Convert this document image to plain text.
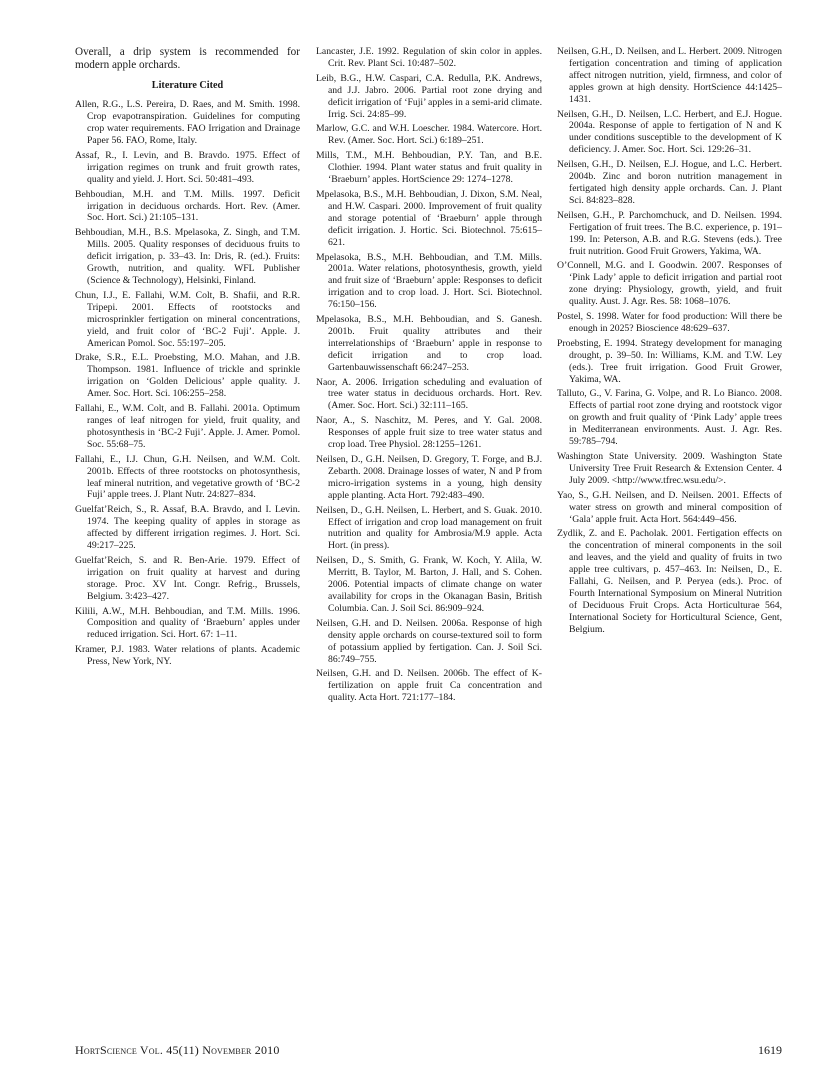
Overall, a drip system is recommended for modern apple orchards.

Literature Cited

Allen, R.G., L.S. Pereira, D. Raes, and M. Smith. 1998. Crop evapotranspiration. Guidelines for computing crop water requirements. FAO Irrigation and Drainage Paper 56. FAO, Rome, Italy.

Assaf, R., I. Levin, and B. Bravdo. 1975. Effect of irrigation regimes on trunk and fruit growth rates, quality and yield. J. Hort. Sci. 50:481–493.

Behboudian, M.H. and T.M. Mills. 1997. Deficit irrigation in deciduous orchards. Hort. Rev. (Amer. Soc. Hort. Sci.) 21:105–131.

Behboudian, M.H., B.S. Mpelasoka, Z. Singh, and T.M. Mills. 2005. Quality responses of deciduous fruits to deficit irrigation, p. 33–43. In: Dris, R. (ed.). Fruits: Growth, nutrition, and quality. WFL Publisher (Science & Technology), Helsinki, Finland.

Chun, I.J., E. Fallahi, W.M. Colt, B. Shafii, and R.R. Tripepi. 2001. Effects of rootstocks and microsprinkler fertigation on mineral concentrations, yield, and fruit color of ‘BC-2 Fuji’. Apple. J. American Pomol. Soc. 55:197–205.

Drake, S.R., E.L. Proebsting, M.O. Mahan, and J.B. Thompson. 1981. Influence of trickle and sprinkle irrigation on ‘Golden Delicious’ apple quality. J. Amer. Soc. Hort. Sci. 106:255–258.

Fallahi, E., W.M. Colt, and B. Fallahi. 2001a. Optimum ranges of leaf nitrogen for yield, fruit quality, and photosynthesis in ‘BC-2 Fuji’. Apple. J. Amer. Pomol. Soc. 55:68–75.

Fallahi, E., I.J. Chun, G.H. Neilsen, and W.M. Colt. 2001b. Effects of three rootstocks on photosynthesis, leaf mineral nutrition, and vegetative growth of ‘BC-2 Fuji’ apple trees. J. Plant Nutr. 24:827–834.

Guelfat’Reich, S., R. Assaf, B.A. Bravdo, and I. Levin. 1974. The keeping quality of apples in storage as affected by different irrigation regimes. J. Hort. Sci. 49:217–225.

Guelfat’Reich, S. and R. Ben-Arie. 1979. Effect of irrigation on fruit quality at harvest and during storage. Proc. XV Int. Congr. Refrig., Brussels, Belgium. 3:423–427.

Kilili, A.W., M.H. Behboudian, and T.M. Mills. 1996. Composition and quality of ‘Braeburn’ apples under reduced irrigation. Sci. Hort. 67: 1–11.

Kramer, P.J. 1983. Water relations of plants. Academic Press, New York, NY.

Lancaster, J.E. 1992. Regulation of skin color in apples. Crit. Rev. Plant Sci. 10:487–502.

Leib, B.G., H.W. Caspari, C.A. Redulla, P.K. Andrews, and J.J. Jabro. 2006. Partial root zone drying and deficit irrigation of ‘Fuji’ apples in a semi-arid climate. Irrig. Sci. 24:85–99.

Marlow, G.C. and W.H. Loescher. 1984. Watercore. Hort. Rev. (Amer. Soc. Hort. Sci.) 6:189–251.

Mills, T.M., M.H. Behboudian, P.Y. Tan, and B.E. Clothier. 1994. Plant water status and fruit quality in ‘Braeburn’ apples. HortScience 29: 1274–1278.

Mpelasoka, B.S., M.H. Behboudian, J. Dixon, S.M. Neal, and H.W. Caspari. 2000. Improvement of fruit quality and storage potential of ‘Braeburn’ apple through deficit irrigation. J. Hortic. Sci. Biotechnol. 75:615–621.

Mpelasoka, B.S., M.H. Behboudian, and T.M. Mills. 2001a. Water relations, photosynthesis, growth, yield and fruit size of ‘Braeburn’ apple: Responses to deficit irrigation and to crop load. J. Hort. Sci. Biotechnol. 76:150–156.

Mpelasoka, B.S., M.H. Behboudian, and S. Ganesh. 2001b. Fruit quality attributes and their interrelationships of ‘Braeburn’ apple in response to deficit irrigation and to crop load. Gartenbauwissenschaft 66:247–253.

Naor, A. 2006. Irrigation scheduling and evaluation of tree water status in deciduous orchards. Hort. Rev. (Amer. Soc. Hort. Sci.) 32:111–165.

Naor, A., S. Naschitz, M. Peres, and Y. Gal. 2008. Responses of apple fruit size to tree water status and crop load. Tree Physiol. 28:1255–1261.

Neilsen, D., G.H. Neilsen, D. Gregory, T. Forge, and B.J. Zebarth. 2008. Drainage losses of water, N and P from micro-irrigation systems in a young, high density apple planting. Acta Hort. 792:483–490.

Neilsen, D., G.H. Neilsen, L. Herbert, and S. Guak. 2010. Effect of irrigation and crop load management on fruit nutrition and quality for Ambrosia/M.9 apple. Acta Hort. (in press).

Neilsen, D., S. Smith, G. Frank, W. Koch, Y. Alila, W. Merritt, B. Taylor, M. Barton, J. Hall, and S. Cohen. 2006. Potential impacts of climate change on water availability for crops in the Okanagan Basin, British Columbia. Can. J. Soil Sci. 86:909–924.

Neilsen, G.H. and D. Neilsen. 2006a. Response of high density apple orchards on course-textured soil to form of potassium applied by fertigation. Can. J. Soil Sci. 86:749–755.

Neilsen, G.H. and D. Neilsen. 2006b. The effect of K-fertilization on apple fruit Ca concentration and quality. Acta Hort. 721:177–184.

Neilsen, G.H., D. Neilsen, and L. Herbert. 2009. Nitrogen fertigation concentration and timing of application affect nitrogen nutrition, yield, firmness, and color of apples grown at high density. HortScience 44:1425–1431.

Neilsen, G.H., D. Neilsen, L.C. Herbert, and E.J. Hogue. 2004a. Response of apple to fertigation of N and K under conditions susceptible to the development of K deficiency. J. Amer. Soc. Hort. Sci. 129:26–31.

Neilsen, G.H., D. Neilsen, E.J. Hogue, and L.C. Herbert. 2004b. Zinc and boron nutrition management in fertigated high density apple orchards. Can. J. Plant Sci. 84:823–828.

Neilsen, G.H., P. Parchomchuck, and D. Neilsen. 1994. Fertigation of fruit trees. The B.C. experience, p. 191–199. In: Peterson, A.B. and R.G. Stevens (eds.). Tree fruit nutrition. Good Fruit Growers, Yakima, WA.

O’Connell, M.G. and I. Goodwin. 2007. Responses of ‘Pink Lady’ apple to deficit irrigation and partial root zone drying: Physiology, growth, yield, and fruit quality. Aust. J. Agr. Res. 58: 1068–1076.

Postel, S. 1998. Water for food production: Will there be enough in 2025? Bioscience 48:629–637.

Proebsting, E. 1994. Strategy development for managing drought, p. 39–50. In: Williams, K.M. and T.W. Ley (eds.). Tree fruit irrigation. Good Fruit Grower, Yakima, WA.

Talluto, G., V. Farina, G. Volpe, and R. Lo Bianco. 2008. Effects of partial root zone drying and rootstock vigor on growth and fruit quality of ‘Pink Lady’ apple trees in Mediterranean environments. Aust. J. Agr. Res. 59:785–794.

Washington State University. 2009. Washington State University Tree Fruit Research & Extension Center. 4 July 2009. <http://www.tfrec.wsu.edu/>.

Yao, S., G.H. Neilsen, and D. Neilsen. 2001. Effects of water stress on growth and mineral composition of ‘Gala’ apple fruit. Acta Hort. 564:449–456.

Zydlik, Z. and E. Pacholak. 2001. Fertigation effects on the concentration of mineral components in the soil and leaves, and the yield and quality of fruits in two apple tree cultivars, p. 457–463. In: Neilsen, D., E. Fallahi, G. Neilsen, and P. Peryea (eds.). Proc. of Fourth International Symposium on Mineral Nutrition of Deciduous Fruit Crops. Acta Horticulturae 564, International Society for Horticultural Science, Gent, Belgium.

HortScience Vol. 45(11) November 2010	1619
